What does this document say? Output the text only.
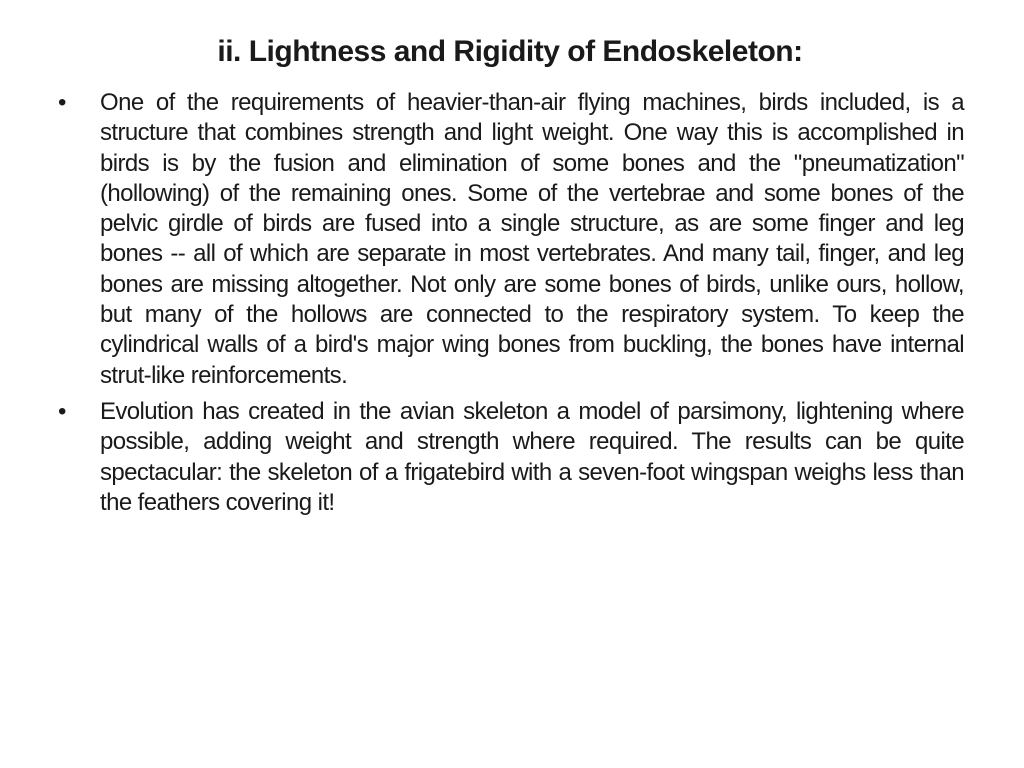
ii. Lightness and Rigidity of Endoskeleton:
• One of the requirements of heavier-than-air flying machines, birds included, is a structure that combines strength and light weight. One way this is accomplished in birds is by the fusion and elimination of some bones and the "pneumatization" (hollowing) of the remaining ones. Some of the vertebrae and some bones of the pelvic girdle of birds are fused into a single structure, as are some finger and leg bones -- all of which are separate in most vertebrates. And many tail, finger, and leg bones are missing altogether. Not only are some bones of birds, unlike ours, hollow, but many of the hollows are connected to the respiratory system. To keep the cylindrical walls of a bird's major wing bones from buckling, the bones have internal strut-like reinforcements.
• Evolution has created in the avian skeleton a model of parsimony, lightening where possible, adding weight and strength where required. The results can be quite spectacular: the skeleton of a frigatebird with a seven-foot wingspan weighs less than the feathers covering it!
